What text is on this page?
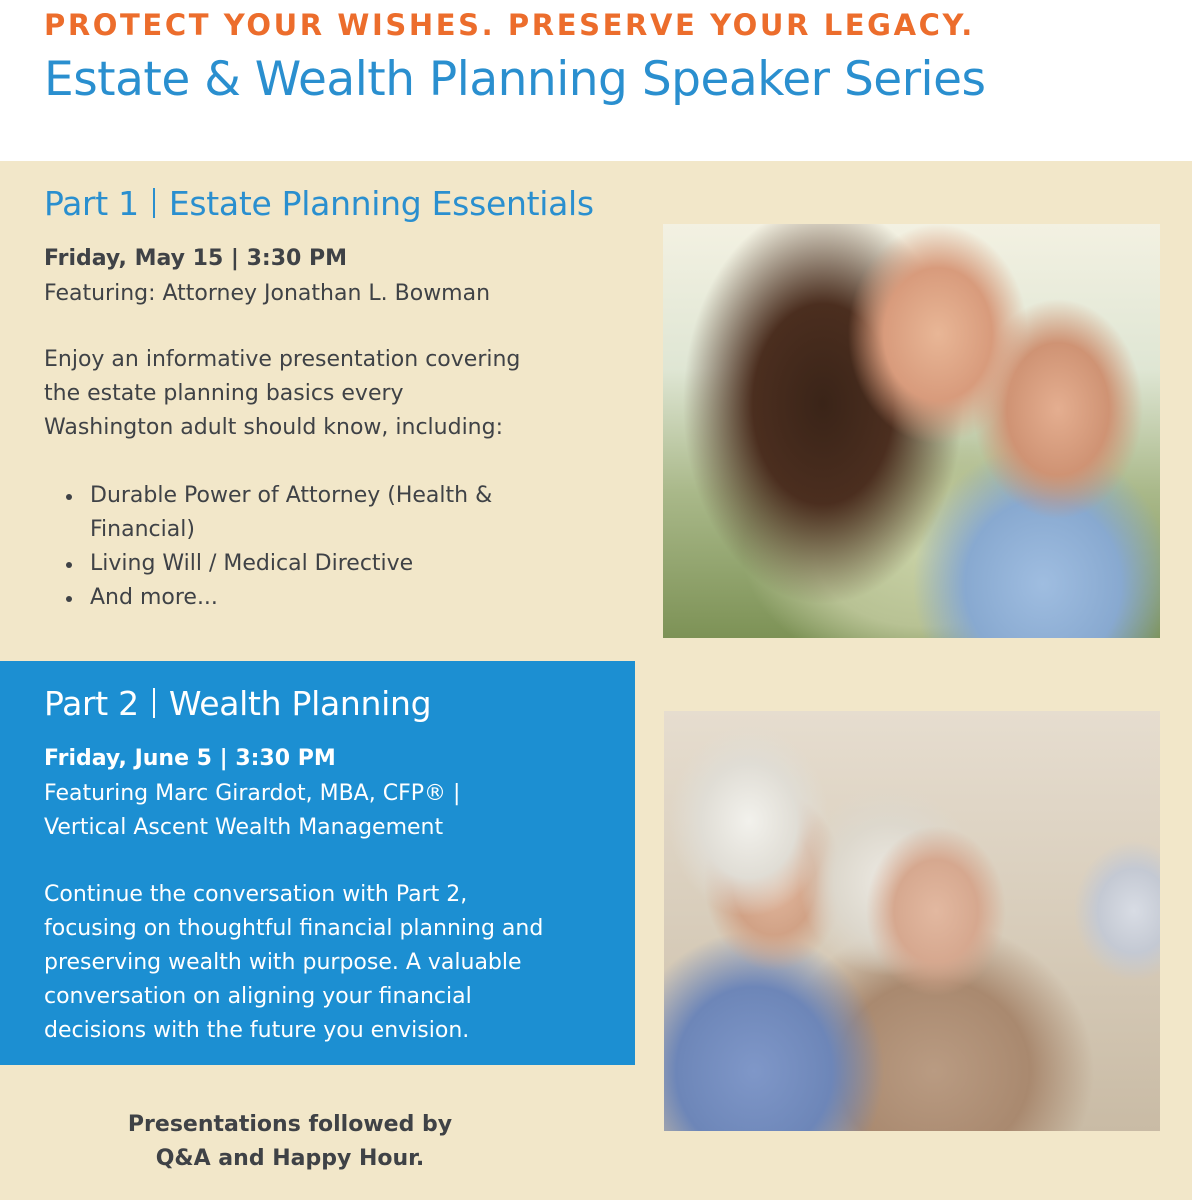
PROTECT YOUR WISHES. PRESERVE YOUR LEGACY.
Estate & Wealth Planning Speaker Series
Part 1 Estate Planning Essentials
Friday, May 15 | 3:30 PM
Featuring: Attorney Jonathan L. Bowman
Enjoy an informative presentation covering
the estate planning basics every
Washington adult should know, including:
Durable Power of Attorney (Health &
Financial)
Living Will / Medical Directive
And more...
Part 2 Wealth Planning
Friday, June 5 | 3:30 PM
Featuring Marc Girardot, MBA, CFP® |
Vertical Ascent Wealth Management
Continue the conversation with Part 2,
focusing on thoughtful financial planning and
preserving wealth with purpose. A valuable
conversation on aligning your financial
decisions with the future you envision.
Presentations followed by
Q&A and Happy Hour.
